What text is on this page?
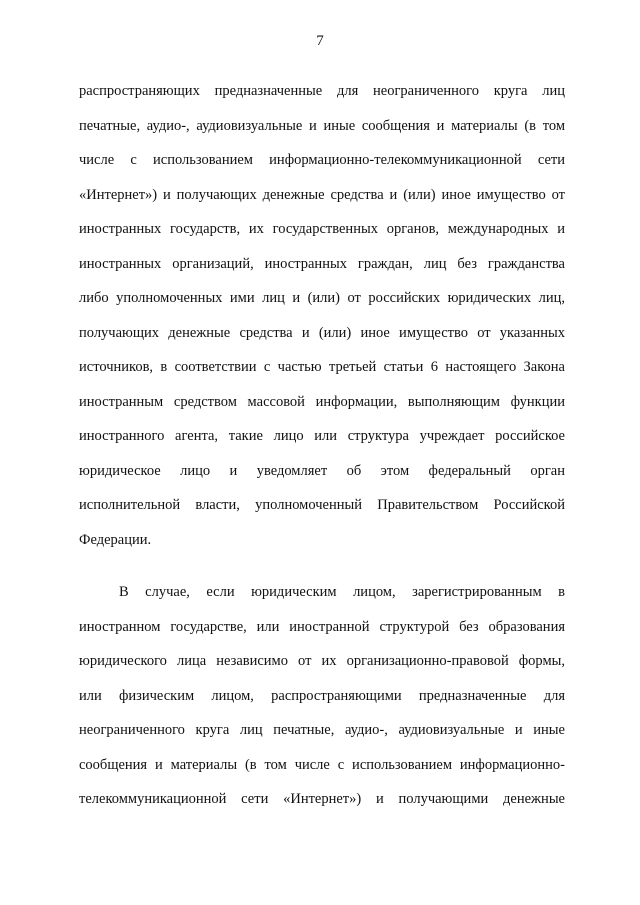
7

распространяющих предназначенные для неограниченного круга лиц
печатные, аудио-, аудиовизуальные и иные сообщения и материалы (в том
числе с использованием информационно-телекоммуникационной сети
«Интернет») и получающих денежные средства и (или) иное имущество от
иностранных государств, их государственных органов, международных и
иностранных организаций, иностранных граждан, лиц без гражданства
либо уполномоченных ими лиц и (или) от российских юридических лиц,
получающих денежные средства и (или) иное имущество от указанных
источников, в соответствии с частью третьей статьи 6 настоящего Закона
иностранным средством массовой информации, выполняющим функции
иностранного агента, такие лицо или структура учреждает российское
юридическое лицо и уведомляет об этом федеральный орган
исполнительной власти, уполномоченный Правительством Российской
Федерации.

В случае, если юридическим лицом, зарегистрированным в
иностранном государстве, или иностранной структурой без образования
юридического лица независимо от их организационно-правовой формы,
или физическим лицом, распространяющими предназначенные для
неограниченного круга лиц печатные, аудио-, аудиовизуальные и иные
сообщения и материалы (в том числе с использованием информационно-
телекоммуникационной сети «Интернет») и получающими денежные
